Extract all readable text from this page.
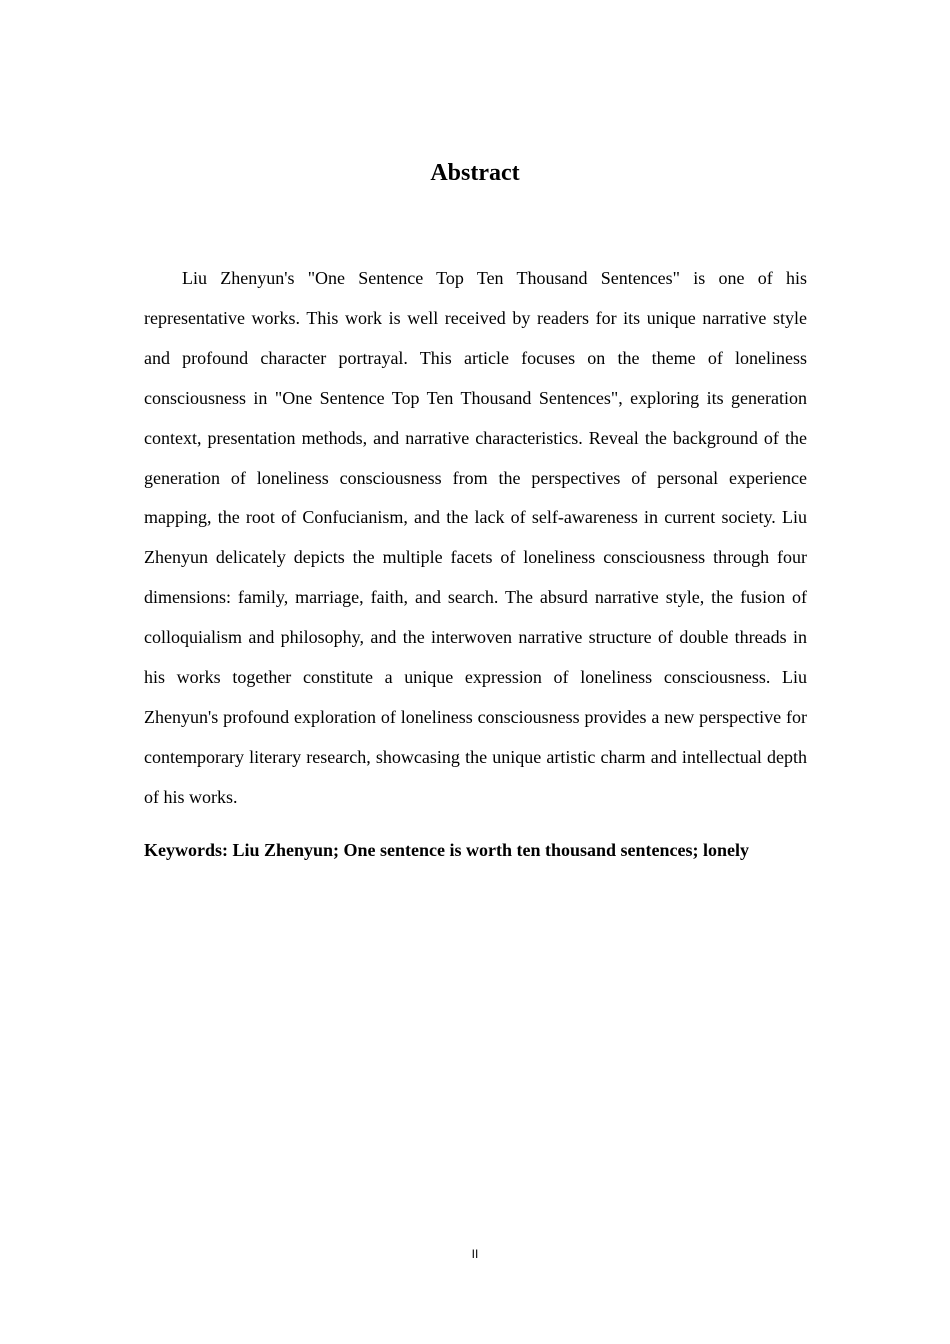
Abstract

Liu Zhenyun's "One Sentence Top Ten Thousand Sentences" is one of his representative works. This work is well received by readers for its unique narrative style and profound character portrayal. This article focuses on the theme of loneliness consciousness in "One Sentence Top Ten Thousand Sentences", exploring its generation context, presentation methods, and narrative characteristics. Reveal the background of the generation of loneliness consciousness from the perspectives of personal experience mapping, the root of Confucianism, and the lack of self-awareness in current society. Liu Zhenyun delicately depicts the multiple facets of loneliness consciousness through four dimensions: family, marriage, faith, and search. The absurd narrative style, the fusion of colloquialism and philosophy, and the interwoven narrative structure of double threads in his works together constitute a unique expression of loneliness consciousness. Liu Zhenyun's profound exploration of loneliness consciousness provides a new perspective for contemporary literary research, showcasing the unique artistic charm and intellectual depth of his works.

Keywords: Liu Zhenyun; One sentence is worth ten thousand sentences; lonely

II
